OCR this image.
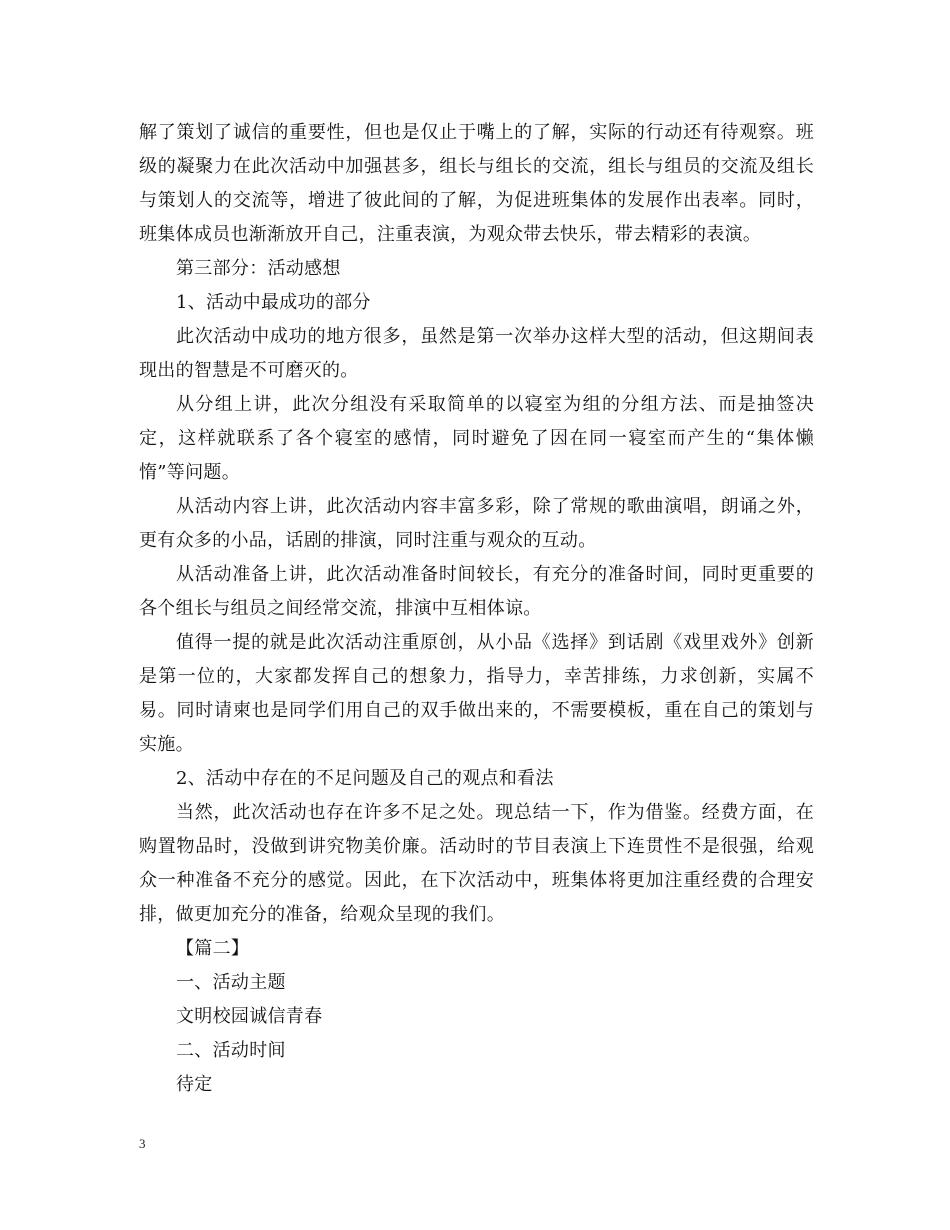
解了策划了诚信的重要性，但也是仅止于嘴上的了解，实际的行动还有待观察。班级的凝聚力在此次活动中加强甚多，组长与组长的交流，组长与组员的交流及组长与策划人的交流等，增进了彼此间的了解，为促进班集体的发展作出表率。同时，班集体成员也渐渐放开自己，注重表演，为观众带去快乐，带去精彩的表演。

第三部分：活动感想

1、活动中最成功的部分

此次活动中成功的地方很多，虽然是第一次举办这样大型的活动，但这期间表现出的智慧是不可磨灭的。

从分组上讲，此次分组没有采取简单的以寝室为组的分组方法、而是抽签决定，这样就联系了各个寝室的感情，同时避免了因在同一寝室而产生的“集体懒惰”等问题。

从活动内容上讲，此次活动内容丰富多彩，除了常规的歌曲演唱，朗诵之外，更有众多的小品，话剧的排演，同时注重与观众的互动。

从活动准备上讲，此次活动准备时间较长，有充分的准备时间，同时更重要的各个组长与组员之间经常交流，排演中互相体谅。

值得一提的就是此次活动注重原创，从小品《选择》到话剧《戏里戏外》创新是第一位的，大家都发挥自己的想象力，指导力，幸苦排练，力求创新，实属不易。同时请柬也是同学们用自己的双手做出来的，不需要模板，重在自己的策划与实施。

2、活动中存在的不足问题及自己的观点和看法

当然，此次活动也存在许多不足之处。现总结一下，作为借鉴。经费方面，在购置物品时，没做到讲究物美价廉。活动时的节目表演上下连贯性不是很强，给观众一种准备不充分的感觉。因此，在下次活动中，班集体将更加注重经费的合理安排，做更加充分的准备，给观众呈现的我们。

【篇二】

一、活动主题

文明校园诚信青春

二、活动时间

待定

3
